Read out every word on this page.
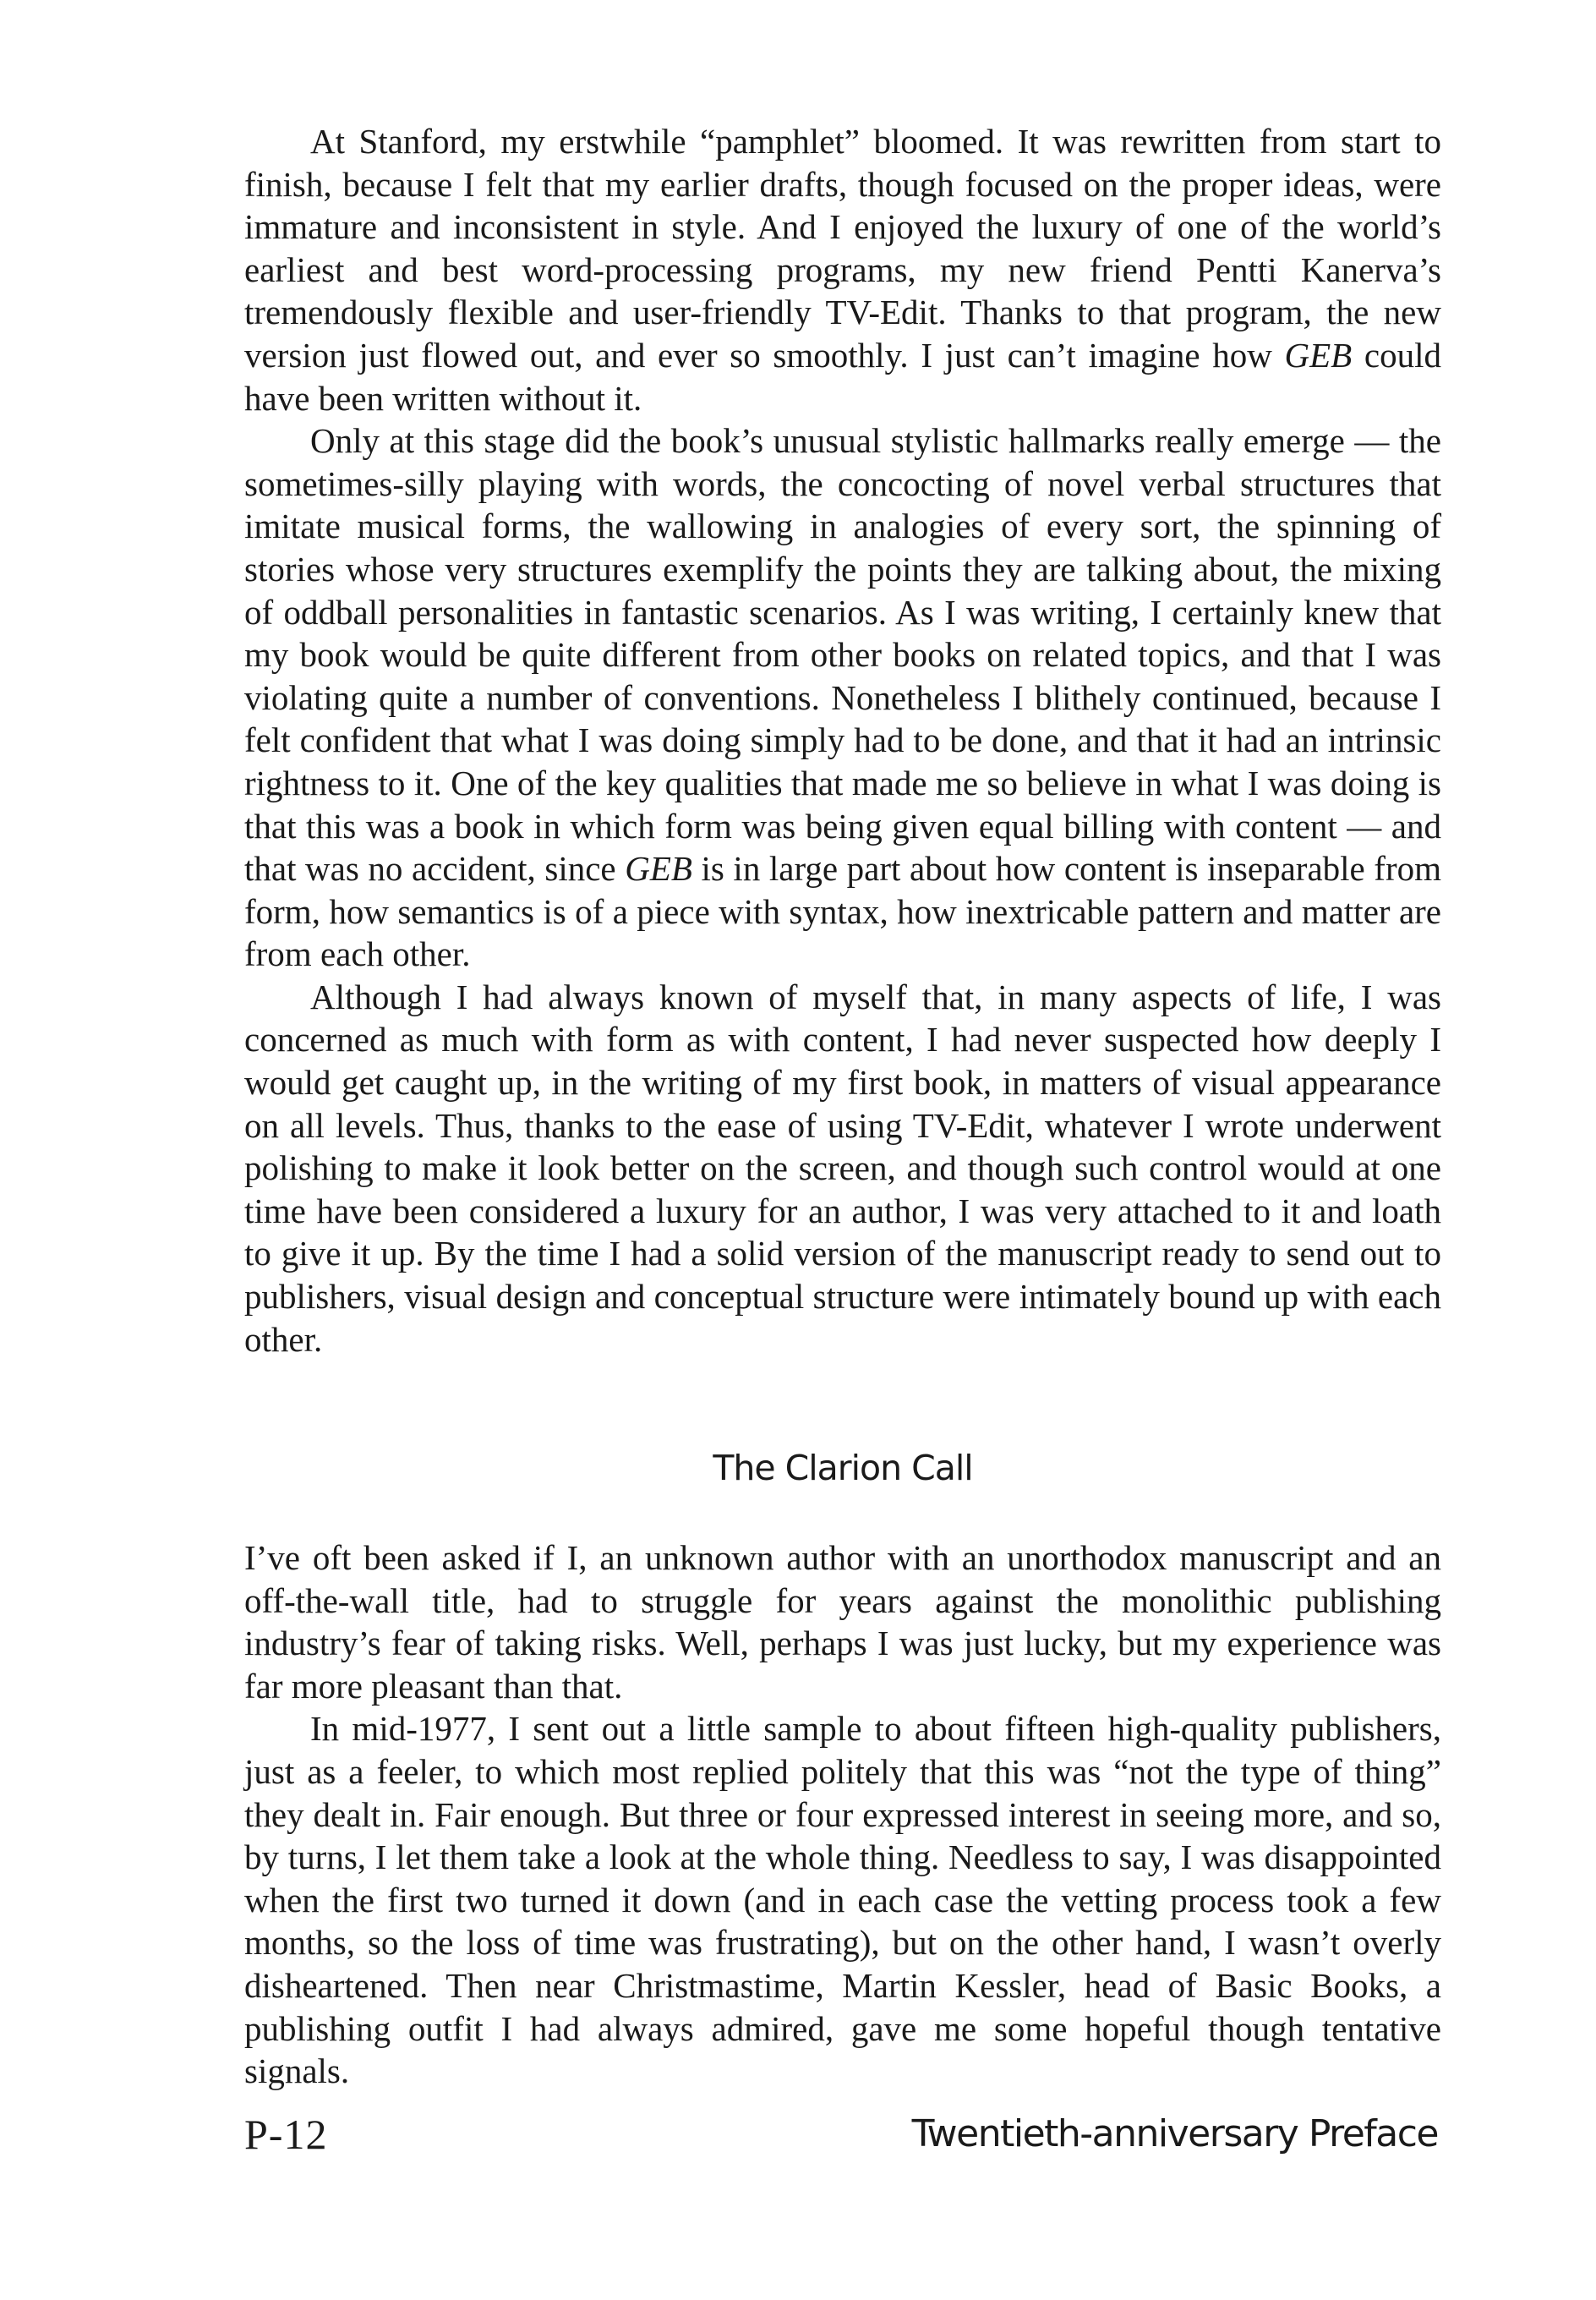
At Stanford, my erstwhile “pamphlet” bloomed. It was rewritten from start to finish, because I felt that my earlier drafts, though focused on the proper ideas, were immature and inconsistent in style. And I enjoyed the luxury of one of the world’s earliest and best word-processing programs, my new friend Pentti Kanerva’s tremendously flexible and user-friendly TV-Edit. Thanks to that program, the new version just flowed out, and ever so smoothly. I just can’t imagine how GEB could have been written without it.

Only at this stage did the book’s unusual stylistic hallmarks really emerge — the sometimes-silly playing with words, the concocting of novel verbal structures that imitate musical forms, the wallowing in analogies of every sort, the spinning of stories whose very structures exemplify the points they are talking about, the mixing of oddball personalities in fantastic scenarios. As I was writing, I certainly knew that my book would be quite different from other books on related topics, and that I was violating quite a number of conventions. Nonetheless I blithely continued, because I felt confident that what I was doing simply had to be done, and that it had an intrinsic rightness to it. One of the key qualities that made me so believe in what I was doing is that this was a book in which form was being given equal billing with content — and that was no accident, since GEB is in large part about how content is inseparable from form, how semantics is of a piece with syntax, how inextricable pattern and matter are from each other.

Although I had always known of myself that, in many aspects of life, I was concerned as much with form as with content, I had never suspected how deeply I would get caught up, in the writing of my first book, in matters of visual appearance on all levels. Thus, thanks to the ease of using TV-Edit, whatever I wrote underwent polishing to make it look better on the screen, and though such control would at one time have been considered a luxury for an author, I was very attached to it and loath to give it up. By the time I had a solid version of the manuscript ready to send out to publishers, visual design and conceptual structure were intimately bound up with each other.

The Clarion Call

I’ve oft been asked if I, an unknown author with an unorthodox manuscript and an off-the-wall title, had to struggle for years against the monolithic publishing industry’s fear of taking risks. Well, perhaps I was just lucky, but my experience was far more pleasant than that.

In mid-1977, I sent out a little sample to about fifteen high-quality publishers, just as a feeler, to which most replied politely that this was “not the type of thing” they dealt in. Fair enough. But three or four expressed interest in seeing more, and so, by turns, I let them take a look at the whole thing. Needless to say, I was disappointed when the first two turned it down (and in each case the vetting process took a few months, so the loss of time was frustrating), but on the other hand, I wasn’t overly disheartened. Then near Christmastime, Martin Kessler, head of Basic Books, a publishing outfit I had always admired, gave me some hopeful though tentative signals.

P-12	Twentieth-anniversary Preface
